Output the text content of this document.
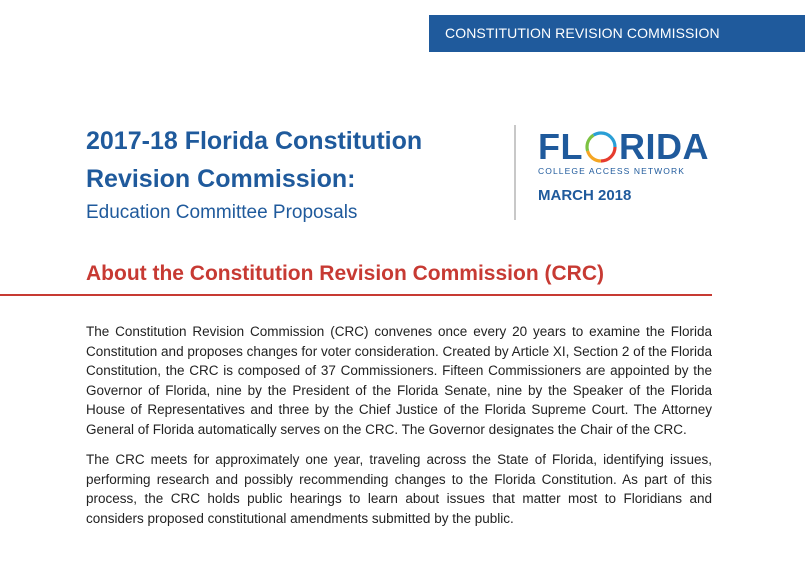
CONSTITUTION REVISION COMMISSION
2017-18 Florida Constitution
Revision Commission:
Education Committee Proposals
FL RIDA
COLLEGE ACCESS NETWORK
MARCH 2018
About the Constitution Revision Commission (CRC)

The Constitution Revision Commission (CRC) convenes once every 20 years to examine the Florida Constitution and proposes changes for voter consideration. Created by Article XI, Section 2 of the Florida Constitution, the CRC is composed of 37 Commissioners. Fifteen Commissioners are appointed by the Governor of Florida, nine by the President of the Florida Senate, nine by the Speaker of the Florida House of Representatives and three by the Chief Justice of the Florida Supreme Court. The Attorney General of Florida automatically serves on the CRC. The Governor designates the Chair of the CRC.

The CRC meets for approximately one year, traveling across the State of Florida, identifying issues, performing research and possibly recommending changes to the Florida Constitution. As part of this process, the CRC holds public hearings to learn about issues that matter most to Floridians and considers proposed constitutional amendments submitted by the public.
